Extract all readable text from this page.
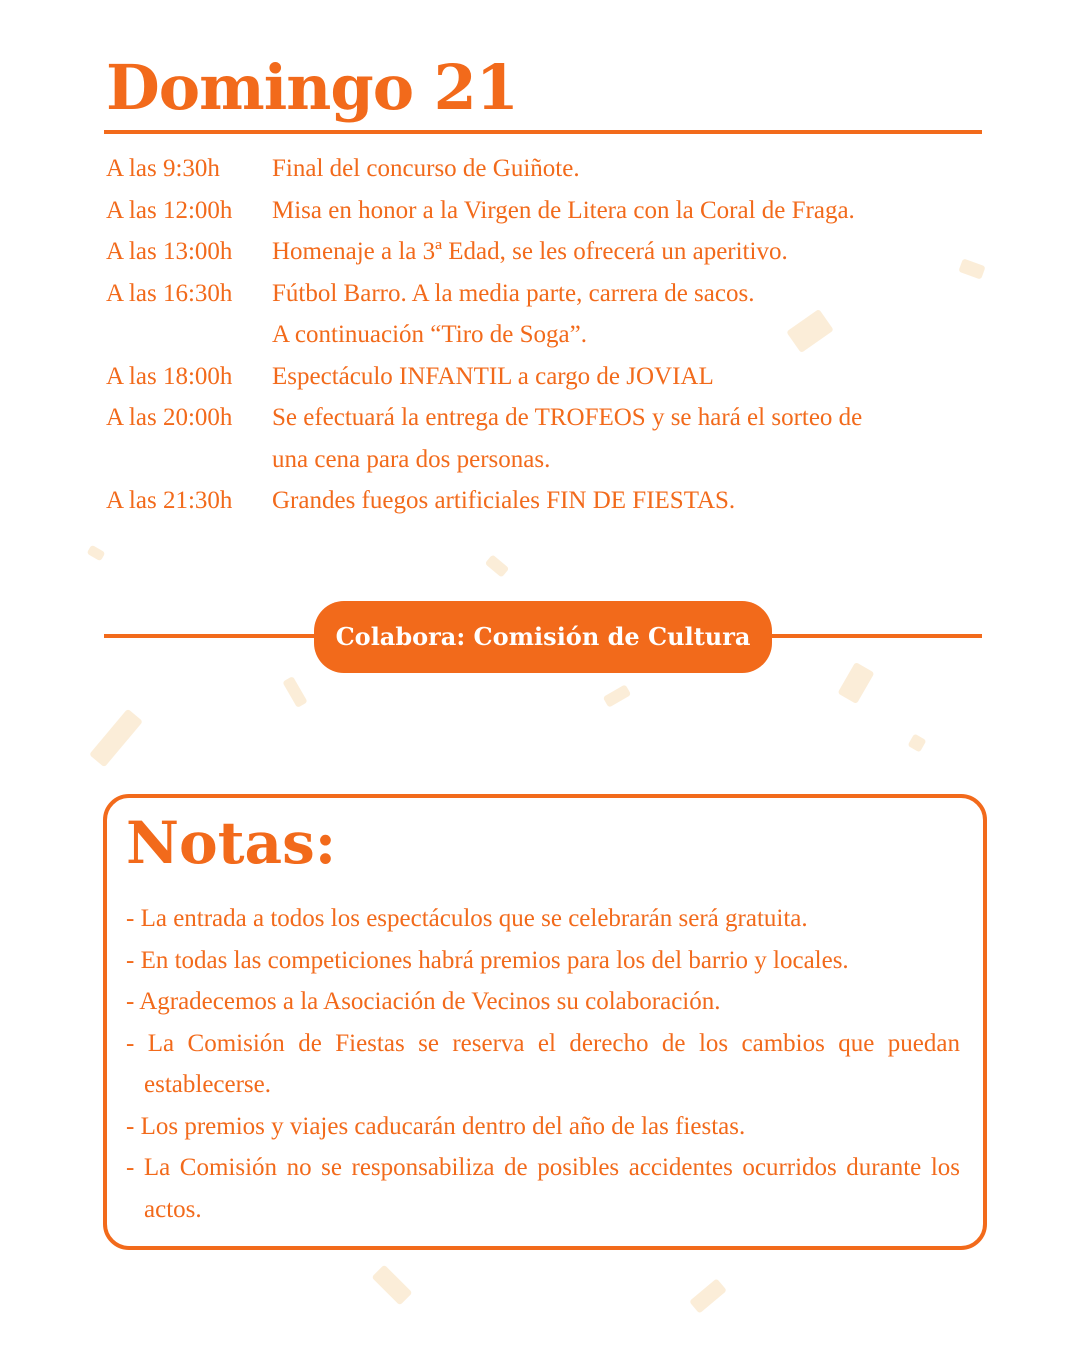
Domingo 21
A las 9:30h	Final del concurso de Guiñote.
A las 12:00h	Misa en honor a la Virgen de Litera con la Coral de Fraga.
A las 13:00h	Homenaje a la 3ª Edad, se les ofrecerá un aperitivo.
A las 16:30h	Fútbol Barro. A la media parte, carrera de sacos.
A continuación “Tiro de Soga”.
A las 18:00h	Espectáculo INFANTIL a cargo de JOVIAL
A las 20:00h	Se efectuará la entrega de TROFEOS y se hará el sorteo de
una cena para dos personas.
A las 21:30h	Grandes fuegos artificiales FIN DE FIESTAS.
Colabora: Comisión de Cultura
Notas:
- La entrada a todos los espectáculos que se celebrarán será gratuita.
- En todas las competiciones habrá premios para los del barrio y locales.
- Agradecemos a la Asociación de Vecinos su colaboración.
- La Comisión de Fiestas se reserva el derecho de los cambios que puedan establecerse.
- Los premios y viajes caducarán dentro del año de las fiestas.
- La Comisión no se responsabiliza de posibles accidentes ocurridos durante los actos.
